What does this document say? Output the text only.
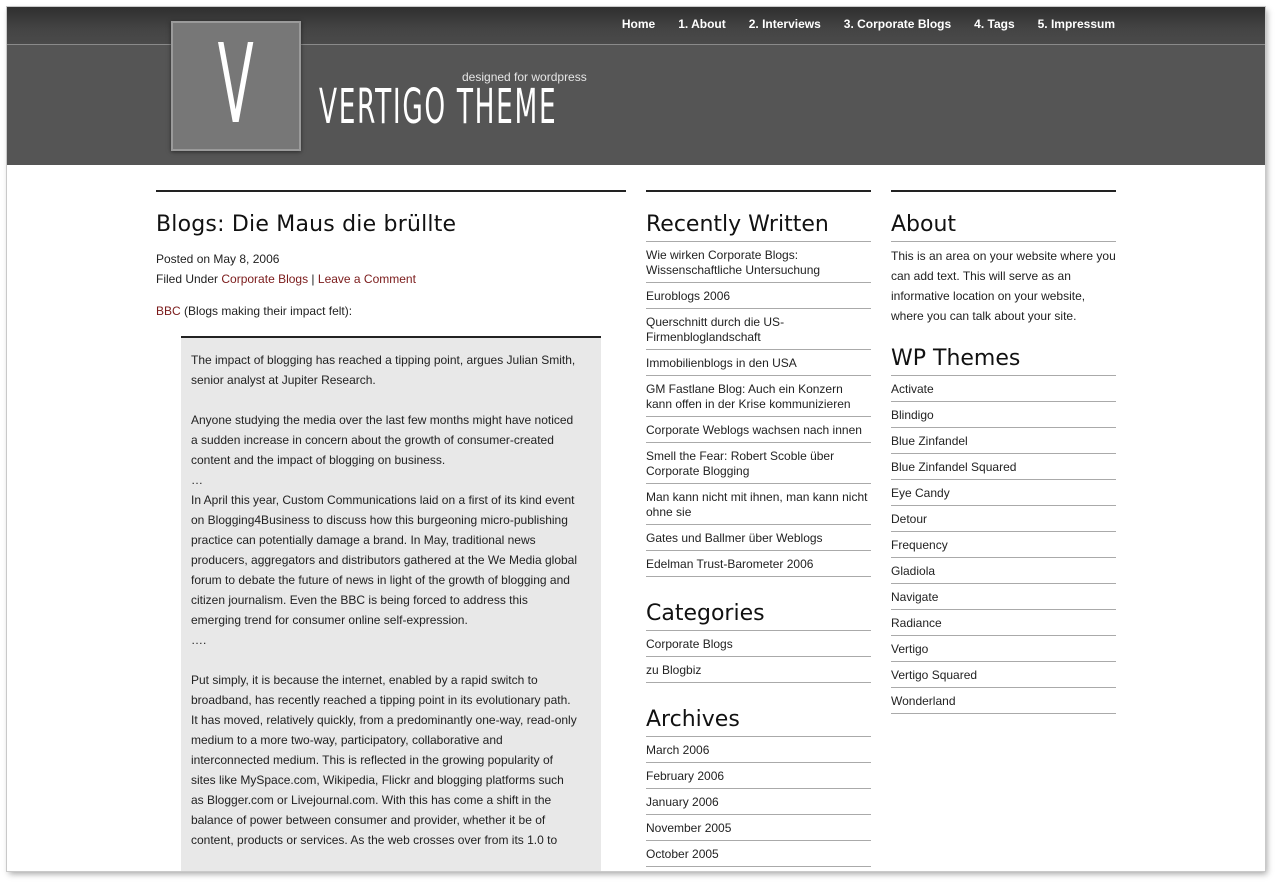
Home 1. About 2. Interviews 3. Corporate Blogs 4. Tags 5. Impressum
V	designed for wordpress
VERTIGO THEME
Blogs: Die Maus die brüllte
Posted on May 8, 2006
Filed Under Corporate Blogs | Leave a Comment
BBC (Blogs making their impact felt):

The impact of blogging has reached a tipping point, argues Julian Smith, senior analyst at Jupiter Research.

Anyone studying the media over the last few months might have noticed a sudden increase in concern about the growth of consumer-created content and the impact of blogging on business.

…

In April this year, Custom Communications laid on a first of its kind event on Blogging4Business to discuss how this burgeoning micro-publishing practice can potentially damage a brand. In May, traditional news producers, aggregators and distributors gathered at the We Media global forum to debate the future of news in light of the growth of blogging and citizen journalism. Even the BBC is being forced to address this emerging trend for consumer online self-expression.

….

Put simply, it is because the internet, enabled by a rapid switch to broadband, has recently reached a tipping point in its evolutionary path. It has moved, relatively quickly, from a predominantly one-way, read-only medium to a more two-way, participatory, collaborative and interconnected medium. This is reflected in the growing popularity of sites like MySpace.com, Wikipedia, Flickr and blogging platforms such as Blogger.com or Livejournal.com. With this has come a shift in the balance of power between consumer and provider, whether it be of content, products or services. As the web crosses over from its 1.0 to

Recently Written
Wie wirken Corporate Blogs: Wissenschaftliche Untersuchung
Euroblogs 2006
Querschnitt durch die US-Firmenbloglandschaft
Immobilienblogs in den USA
GM Fastlane Blog: Auch ein Konzern kann offen in der Krise kommunizieren
Corporate Weblogs wachsen nach innen
Smell the Fear: Robert Scoble über Corporate Blogging
Man kann nicht mit ihnen, man kann nicht ohne sie
Gates und Ballmer über Weblogs
Edelman Trust-Barometer 2006
Categories
Corporate Blogs
zu Blogbiz
Archives
March 2006
February 2006
January 2006
November 2005
October 2005
About

This is an area on your website where you can add text. This will serve as an informative location on your website, where you can talk about your site.

WP Themes
Activate
Blindigo
Blue Zinfandel
Blue Zinfandel Squared
Eye Candy
Detour
Frequency
Gladiola
Navigate
Radiance
Vertigo
Vertigo Squared
Wonderland
